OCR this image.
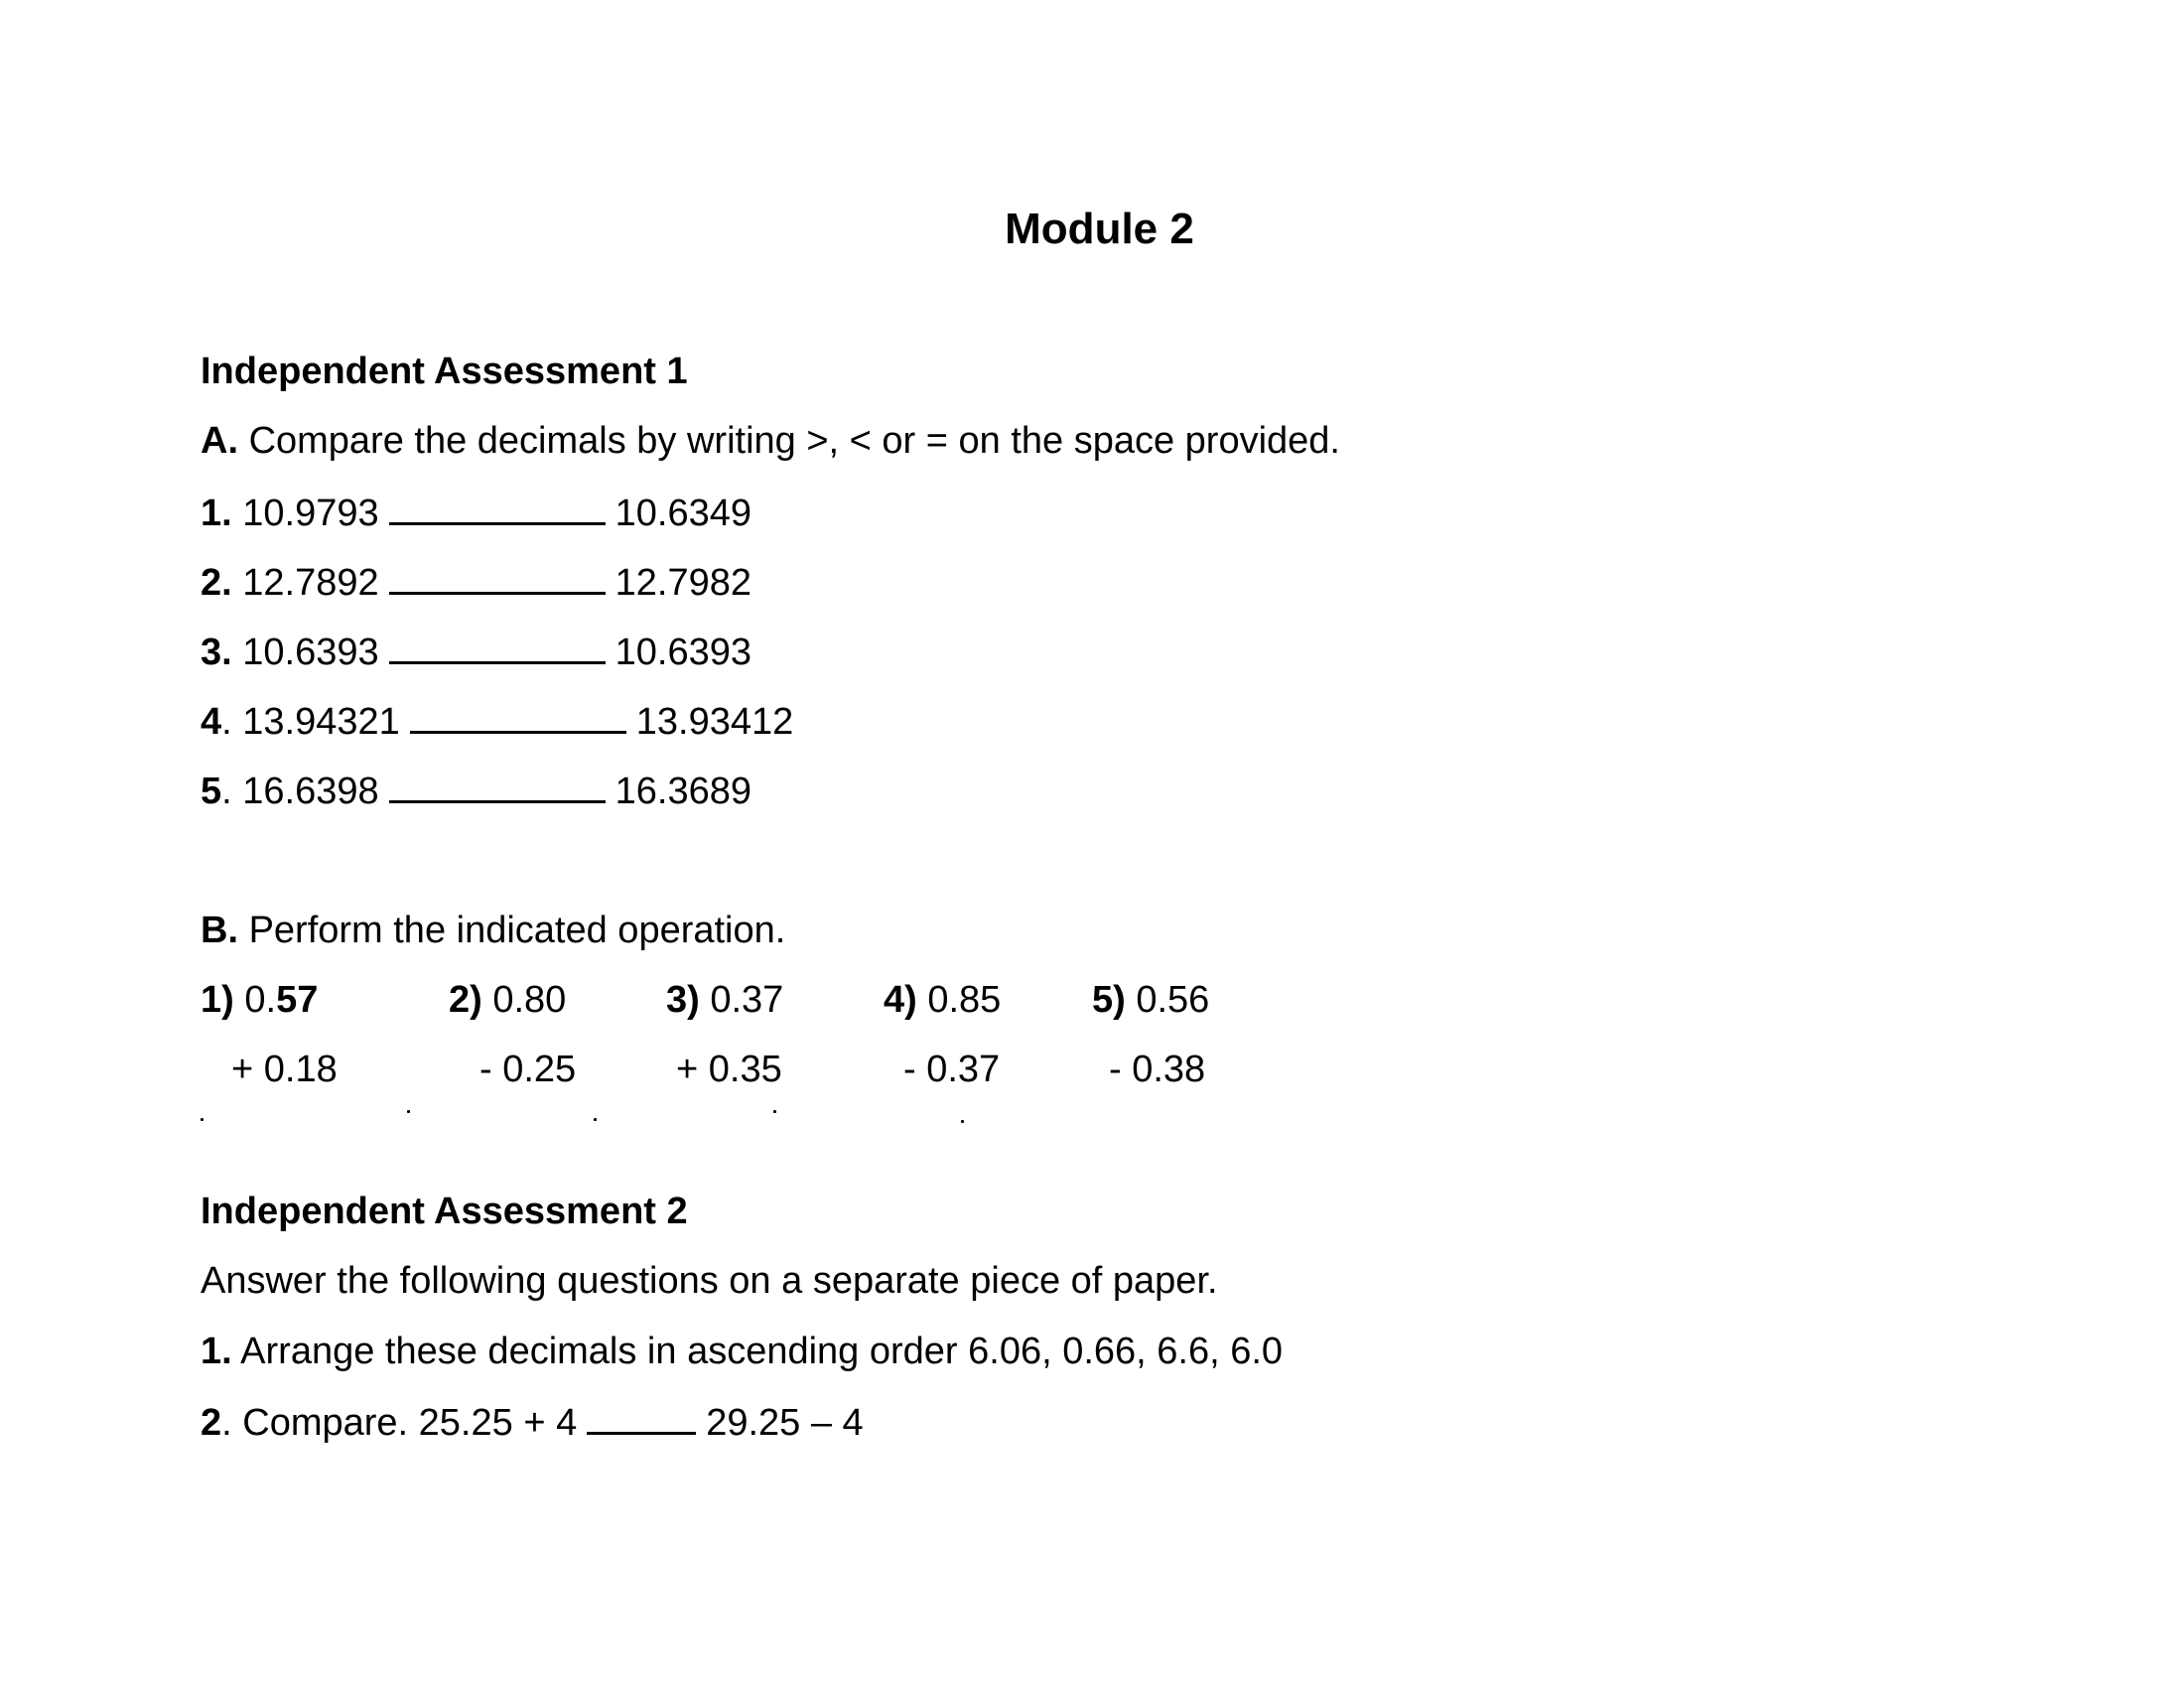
Module 2
Independent Assessment 1
A. Compare the decimals by writing >, < or = on the space provided.
1. 10.9793	10.6349
2. 12.7892	12.7982
3. 10.6393	10.6393
4. 13.94321	13.93412
5. 16.6398	16.3689
B. Perform the indicated operation.
1) 0.57	2) 0.80	3) 0.37	4) 0.85 5) 0.56
+ 0.18	- 0.25	+ 0.35	- 0.37	- 0.38
Independent Assessment 2
Answer the following questions on a separate piece of paper.
1. Arrange these decimals in ascending order 6.06, 0.66, 6.6, 6.0
2. Compare. 25.25 + 4	29.25 – 4
